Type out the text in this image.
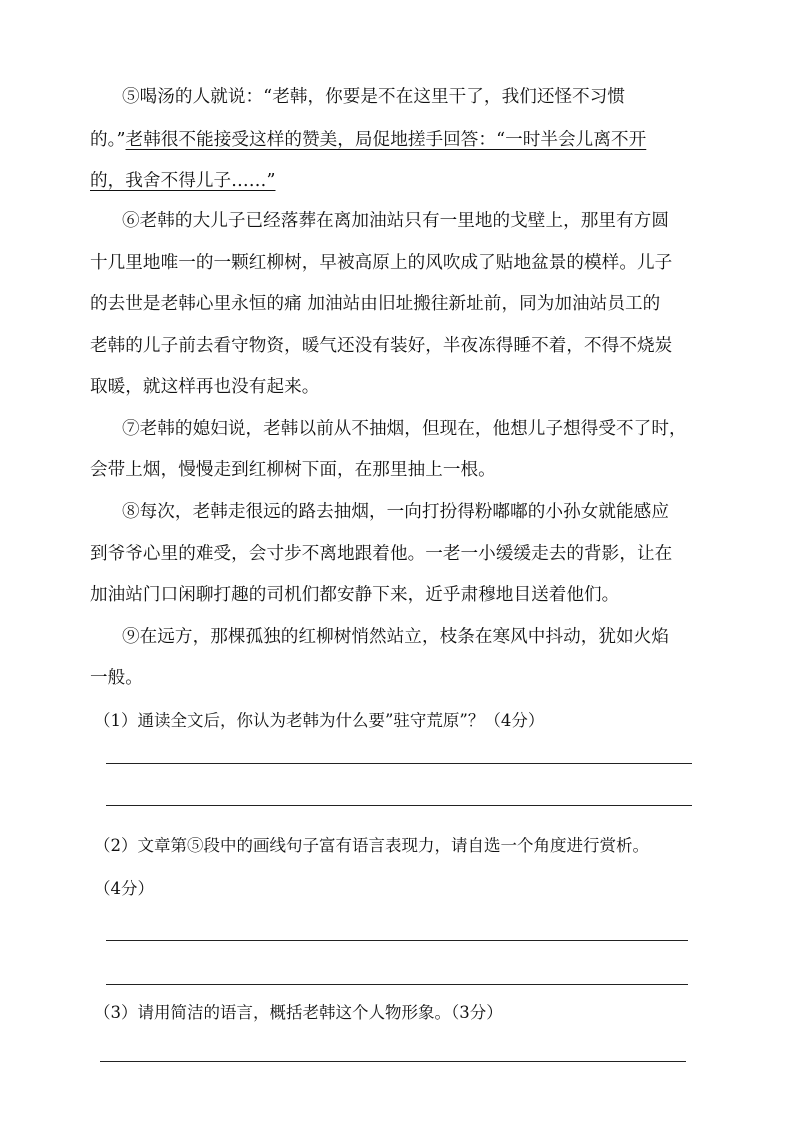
⑤喝汤的人就说：“老韩，你要是不在这里干了，我们还怪不习惯
的。”老韩很不能接受这样的赞美，局促地搓手回答：“一时半会儿离不开
的，我舍不得儿子……”
⑥老韩的大儿子已经落葬在离加油站只有一里地的戈壁上，那里有方圆
十几里地唯一的一颗红柳树，早被高原上的风吹成了贴地盆景的模样。儿子
的去世是老韩心里永恒的痛 加油站由旧址搬往新址前，同为加油站员工的
老韩的儿子前去看守物资，暖气还没有装好，半夜冻得睡不着，不得不烧炭
取暖，就这样再也没有起来。
⑦老韩的媳妇说，老韩以前从不抽烟，但现在，他想儿子想得受不了时，
会带上烟，慢慢走到红柳树下面，在那里抽上一根。
⑧每次，老韩走很远的路去抽烟，一向打扮得粉嘟嘟的小孙女就能感应
到爷爷心里的难受，会寸步不离地跟着他。一老一小缓缓走去的背影，让在
加油站门口闲聊打趣的司机们都安静下来，近乎肃穆地目送着他们。
⑨在远方，那棵孤独的红柳树悄然站立，枝条在寒风中抖动，犹如火焰
一般。
（1）通读全文后，你认为老韩为什么要”驻守荒原”？（4分）
（2）文章第⑤段中的画线句子富有语言表现力，请自选一个角度进行赏析。
（4分）
（3）请用简洁的语言，概括老韩这个人物形象。（3分）
